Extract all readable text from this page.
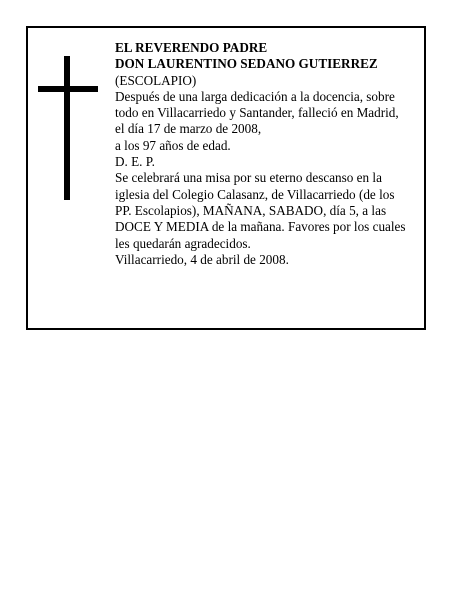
EL REVERENDO PADRE
DON LAURENTINO SEDANO GUTIERREZ
(ESCOLAPIO)
Después de una larga dedicación a la docencia, sobre
todo en Villacarriedo y Santander, falleció en Madrid,
el día 17 de marzo de 2008,
a los 97 años de edad.
D. E. P.
Se celebrará una misa por su eterno descanso en la
iglesia del Colegio Calasanz, de Villacarriedo (de los
PP. Escolapios), MAÑANA, SABADO, día 5, a las
DOCE Y MEDIA de la mañana. Favores por los cuales
les quedarán agradecidos.
Villacarriedo, 4 de abril de 2008.
